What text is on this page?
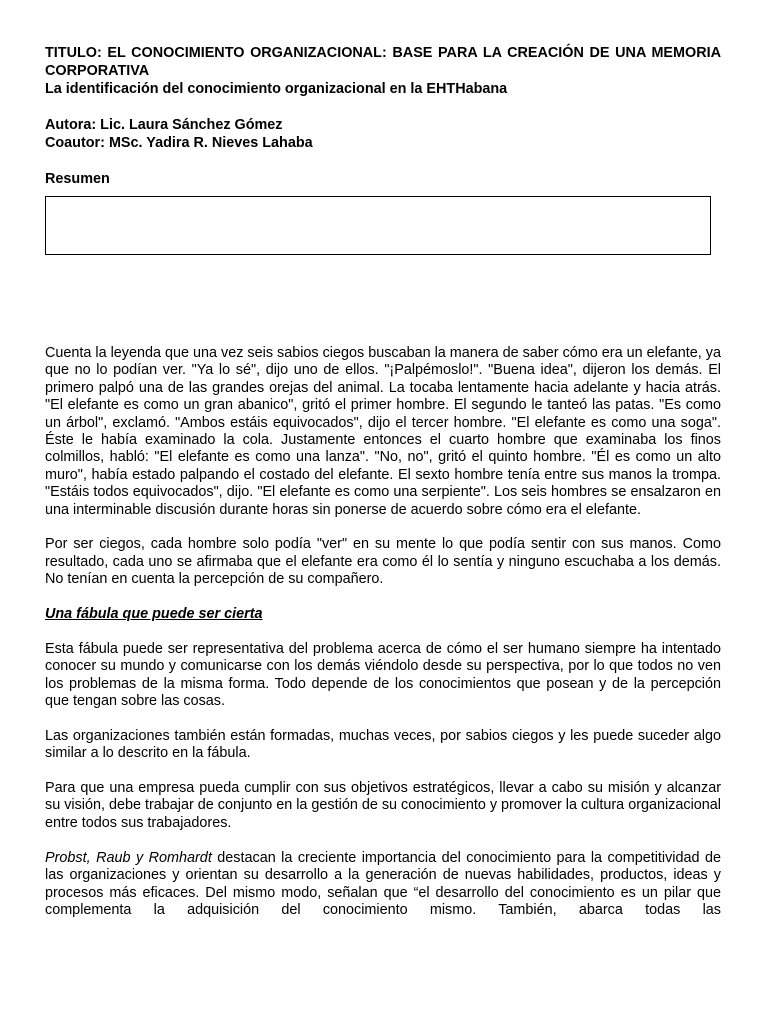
TITULO: EL CONOCIMIENTO ORGANIZACIONAL: BASE PARA LA CREACIÓN DE UNA MEMORIA CORPORATIVA

La identificación del conocimiento organizacional en la EHTHabana

Autora: Lic. Laura Sánchez Gómez

Coautor: MSc. Yadira R. Nieves Lahaba

Resumen

Cuenta la leyenda que una vez seis sabios ciegos buscaban la manera de saber cómo era un elefante, ya que no lo podían ver. "Ya lo sé", dijo uno de ellos. "¡Palpémoslo!". "Buena idea", dijeron los demás. El primero palpó una de las grandes orejas del animal. La tocaba lentamente hacia adelante y hacia atrás. "El elefante es como un gran abanico", gritó el primer hombre. El segundo le tanteó las patas. "Es como un árbol", exclamó. "Ambos estáis equivocados", dijo el tercer hombre. "El elefante es como una soga". Éste le había examinado la cola. Justamente entonces el cuarto hombre que examinaba los finos colmillos, habló: "El elefante es como una lanza". "No, no", gritó el quinto hombre. "Él es como un alto muro", había estado palpando el costado del elefante. El sexto hombre tenía entre sus manos la trompa. "Estáis todos equivocados", dijo. "El elefante es como una serpiente". Los seis hombres se ensalzaron en una interminable discusión durante horas sin ponerse de acuerdo sobre cómo era el elefante.

Por ser ciegos, cada hombre solo podía "ver" en su mente lo que podía sentir con sus manos. Como resultado, cada uno se afirmaba que el elefante era como él lo sentía y ninguno escuchaba a los demás. No tenían en cuenta la percepción de su compañero.

Una fábula que puede ser cierta

Esta fábula puede ser representativa del problema acerca de cómo el ser humano siempre ha intentado conocer su mundo y comunicarse con los demás viéndolo desde su perspectiva, por lo que todos no ven los problemas de la misma forma. Todo depende de los conocimientos que posean y de la percepción que tengan sobre las cosas.

Las organizaciones también están formadas, muchas veces, por sabios ciegos y les puede suceder algo similar a lo descrito en la fábula.

Para que una empresa pueda cumplir con sus objetivos estratégicos, llevar a cabo su misión y alcanzar su visión, debe trabajar de conjunto en la gestión de su conocimiento y promover la cultura organizacional entre todos sus trabajadores.

Probst, Raub y Romhardt destacan la creciente importancia del conocimiento para la competitividad de las organizaciones y orientan su desarrollo a la generación de nuevas habilidades, productos, ideas y procesos más eficaces. Del mismo modo, señalan que “el desarrollo del conocimiento es un pilar que complementa la adquisición del conocimiento mismo. También, abarca todas las
